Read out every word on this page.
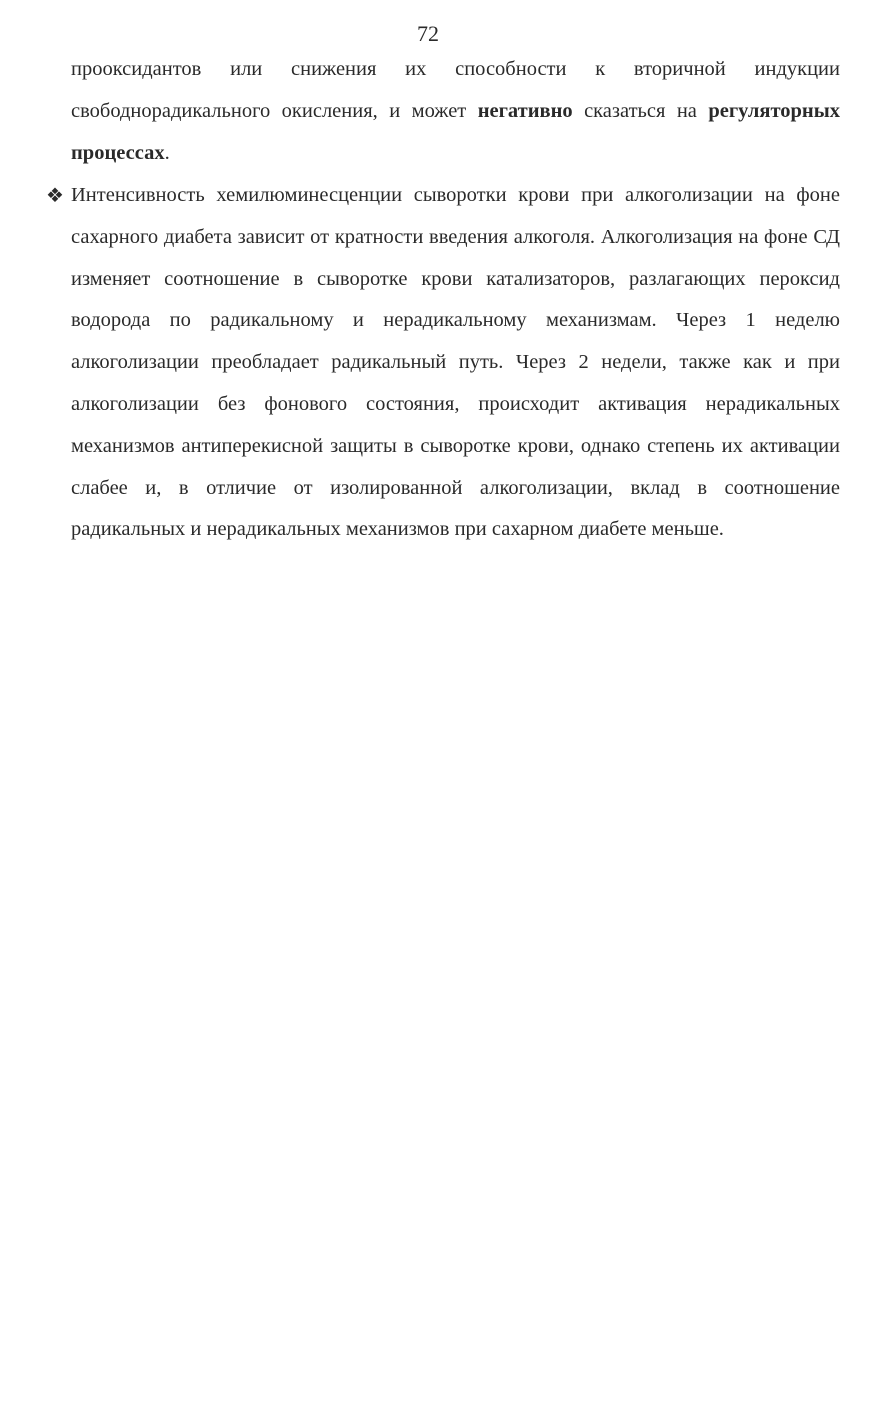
72

прооксидантов или снижения их способности к вторичной индукции свободнорадикального окисления, и может негативно сказаться на регуляторных процессах.

❖ Интенсивность хемилюминесценции сыворотки крови при алкоголизации на фоне сахарного диабета зависит от кратности введения алкоголя. Алкоголизация на фоне СД изменяет соотношение в сыворотке крови катализаторов, разлагающих пероксид водорода по радикальному и нерадикальному механизмам. Через 1 неделю алкоголизации преобладает радикальный путь. Через 2 недели, также как и при алкоголизации без фонового состояния, происходит активация нерадикальных механизмов антиперекисной защиты в сыворотке крови, однако степень их активации слабее и, в отличие от изолированной алкоголизации, вклад в соотношение радикальных и нерадикальных механизмов при сахарном диабете меньше.
